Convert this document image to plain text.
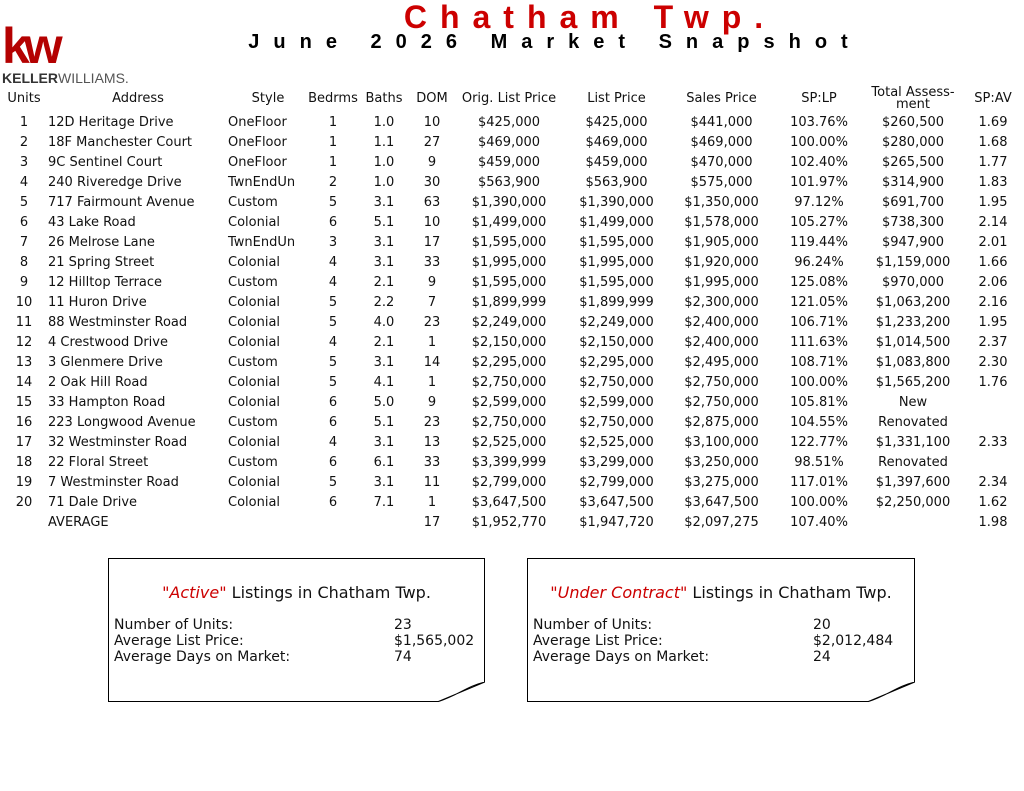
kw
KELLERWILLIAMS.
Chatham Twp.
June 2026 Market Snapshot
Units	Address	Style	Bedrms	Baths	DOM	Orig. List Price	List Price	Sales Price	SP:LP	Total Assess-ment	SP:AV
1	12D Heritage Drive	OneFloor	1	1.0	10	$425,000	$425,000	$441,000	103.76%	$260,500	1.69
2	18F Manchester Court	OneFloor	1	1.1	27	$469,000	$469,000	$469,000	100.00%	$280,000	1.68
3	9C Sentinel Court	OneFloor	1	1.0	9	$459,000	$459,000	$470,000	102.40%	$265,500	1.77
4	240 Riveredge Drive	TwnEndUn	2	1.0	30	$563,900	$563,900	$575,000	101.97%	$314,900	1.83
5	717 Fairmount Avenue	Custom	5	3.1	63	$1,390,000	$1,390,000	$1,350,000	97.12%	$691,700	1.95
6	43 Lake Road	Colonial	6	5.1	10	$1,499,000	$1,499,000	$1,578,000	105.27%	$738,300	2.14
7	26 Melrose Lane	TwnEndUn	3	3.1	17	$1,595,000	$1,595,000	$1,905,000	119.44%	$947,900	2.01
8	21 Spring Street	Colonial	4	3.1	33	$1,995,000	$1,995,000	$1,920,000	96.24%	$1,159,000	1.66
9	12 Hilltop Terrace	Custom	4	2.1	9	$1,595,000	$1,595,000	$1,995,000	125.08%	$970,000	2.06
10	11 Huron Drive	Colonial	5	2.2	7	$1,899,999	$1,899,999	$2,300,000	121.05%	$1,063,200	2.16
11	88 Westminster Road	Colonial	5	4.0	23	$2,249,000	$2,249,000	$2,400,000	106.71%	$1,233,200	1.95
12	4 Crestwood Drive	Colonial	4	2.1	1	$2,150,000	$2,150,000	$2,400,000	111.63%	$1,014,500	2.37
13	3 Glenmere Drive	Custom	5	3.1	14	$2,295,000	$2,295,000	$2,495,000	108.71%	$1,083,800	2.30
14	2 Oak Hill Road	Colonial	5	4.1	1	$2,750,000	$2,750,000	$2,750,000	100.00%	$1,565,200	1.76
15	33 Hampton Road	Colonial	6	5.0	9	$2,599,000	$2,599,000	$2,750,000	105.81%	New	
16	223 Longwood Avenue	Custom	6	5.1	23	$2,750,000	$2,750,000	$2,875,000	104.55%	Renovated	
17	32 Westminster Road	Colonial	4	3.1	13	$2,525,000	$2,525,000	$3,100,000	122.77%	$1,331,100	2.33
18	22 Floral Street	Custom	6	6.1	33	$3,399,999	$3,299,000	$3,250,000	98.51%	Renovated	
19	7 Westminster Road	Colonial	5	3.1	11	$2,799,000	$2,799,000	$3,275,000	117.01%	$1,397,600	2.34
20	71 Dale Drive	Colonial	6	7.1	1	$3,647,500	$3,647,500	$3,647,500	100.00%	$2,250,000	1.62
	AVERAGE				17	$1,952,770	$1,947,720	$2,097,275	107.40%		1.98
"Active" Listings in Chatham Twp.
Number of Units:	23
Average List Price:	$1,565,002
Average Days on Market:	74
"Under Contract" Listings in Chatham Twp.
Number of Units:	20
Average List Price:	$2,012,484
Average Days on Market:	24
